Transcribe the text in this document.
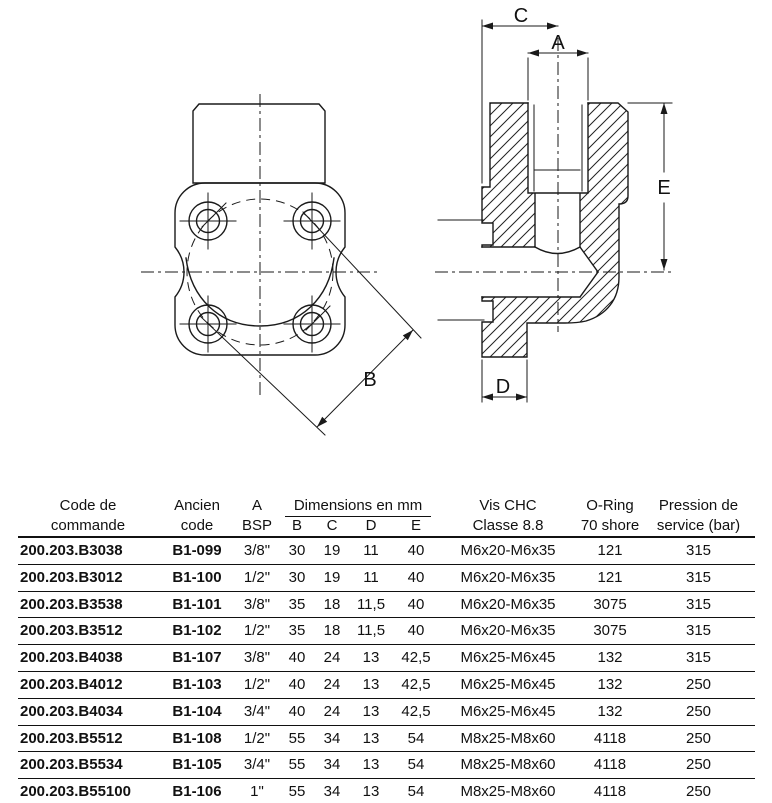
B
C
A
E
D
Code de	Ancien	A	Dimensions en mm	Vis CHC	O-Ring	Pression de
commande	code	BSP	B	C	D	E	Classe 8.8	70 shore	service (bar)
200.203.B3038	B1-099	3/8"	30	19	11	40	M6x20-M6x35	121	315
200.203.B3012	B1-100	1/2"	30	19	11	40	M6x20-M6x35	121	315
200.203.B3538	B1-101	3/8"	35	18	11,5	40	M6x20-M6x35	3075	315
200.203.B3512	B1-102	1/2"	35	18	11,5	40	M6x20-M6x35	3075	315
200.203.B4038	B1-107	3/8"	40	24	13	42,5	M6x25-M6x45	132	315
200.203.B4012	B1-103	1/2"	40	24	13	42,5	M6x25-M6x45	132	250
200.203.B4034	B1-104	3/4"	40	24	13	42,5	M6x25-M6x45	132	250
200.203.B5512	B1-108	1/2"	55	34	13	54	M8x25-M8x60	4118	250
200.203.B5534	B1-105	3/4"	55	34	13	54	M8x25-M8x60	4118	250
200.203.B55100	B1-106	1"	55	34	13	54	M8x25-M8x60	4118	250
